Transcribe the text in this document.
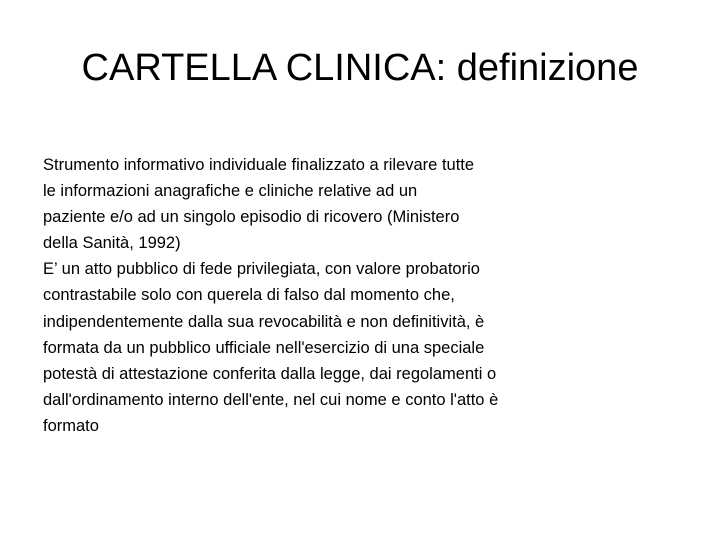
CARTELLA CLINICA: definizione
Strumento informativo individuale finalizzato a rilevare tutte
le informazioni anagrafiche e cliniche relative ad un
paziente e/o ad un singolo episodio di ricovero (Ministero
della Sanità, 1992)
E’ un atto pubblico di fede privilegiata, con valore probatorio
contrastabile solo con querela di falso dal momento che,
indipendentemente dalla sua revocabilità e non definitività, è
formata da un pubblico ufficiale nell'esercizio di una speciale
potestà di attestazione conferita dalla legge, dai regolamenti o
dall'ordinamento interno dell'ente, nel cui nome e conto l'atto è
formato
